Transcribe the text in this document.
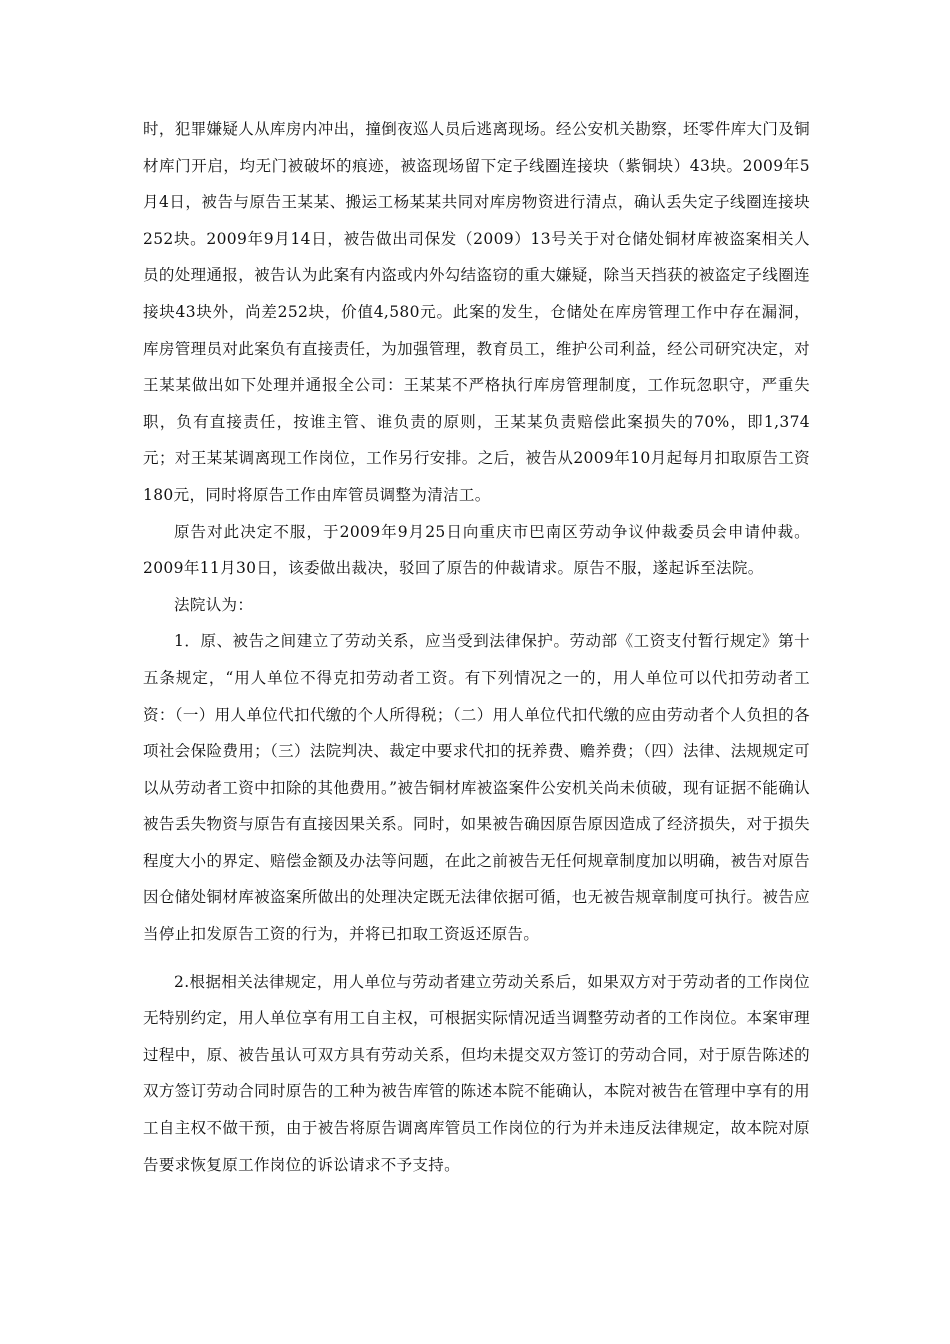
时，犯罪嫌疑人从库房内冲出，撞倒夜巡人员后逃离现场。经公安机关勘察，坯零件库大门及铜材库门开启，均无门被破坏的痕迹，被盗现场留下定子线圈连接块（紫铜块）43块。2009年5月4日，被告与原告王某某、搬运工杨某某共同对库房物资进行清点，确认丢失定子线圈连接块252块。2009年9月14日，被告做出司保发（2009）13号关于对仓储处铜材库被盗案相关人员的处理通报，被告认为此案有内盗或内外勾结盗窃的重大嫌疑，除当天挡获的被盗定子线圈连接块43块外，尚差252块，价值4,580元。此案的发生，仓储处在库房管理工作中存在漏洞，库房管理员对此案负有直接责任，为加强管理，教育员工，维护公司利益，经公司研究决定，对王某某做出如下处理并通报全公司：王某某不严格执行库房管理制度，工作玩忽职守，严重失职，负有直接责任，按谁主管、谁负责的原则，王某某负责赔偿此案损失的70%，即1,374元；对王某某调离现工作岗位，工作另行安排。之后，被告从2009年10月起每月扣取原告工资180元，同时将原告工作由库管员调整为清洁工。

原告对此决定不服，于2009年9月25日向重庆市巴南区劳动争议仲裁委员会申请仲裁。2009年11月30日，该委做出裁决，驳回了原告的仲裁请求。原告不服，遂起诉至法院。

法院认为：

1．原、被告之间建立了劳动关系，应当受到法律保护。劳动部《工资支付暂行规定》第十五条规定，“用人单位不得克扣劳动者工资。有下列情况之一的，用人单位可以代扣劳动者工资：（一）用人单位代扣代缴的个人所得税；（二）用人单位代扣代缴的应由劳动者个人负担的各项社会保险费用；（三）法院判决、裁定中要求代扣的抚养费、赡养费；（四）法律、法规规定可以从劳动者工资中扣除的其他费用。”被告铜材库被盗案件公安机关尚未侦破，现有证据不能确认被告丢失物资与原告有直接因果关系。同时，如果被告确因原告原因造成了经济损失，对于损失程度大小的界定、赔偿金额及办法等问题，在此之前被告无任何规章制度加以明确，被告对原告因仓储处铜材库被盗案所做出的处理决定既无法律依据可循，也无被告规章制度可执行。被告应当停止扣发原告工资的行为，并将已扣取工资返还原告。

2.根据相关法律规定，用人单位与劳动者建立劳动关系后，如果双方对于劳动者的工作岗位无特别约定，用人单位享有用工自主权，可根据实际情况适当调整劳动者的工作岗位。本案审理过程中，原、被告虽认可双方具有劳动关系，但均未提交双方签订的劳动合同，对于原告陈述的双方签订劳动合同时原告的工种为被告库管的陈述本院不能确认，本院对被告在管理中享有的用工自主权不做干预，由于被告将原告调离库管员工作岗位的行为并未违反法律规定，故本院对原告要求恢复原工作岗位的诉讼请求不予支持。
